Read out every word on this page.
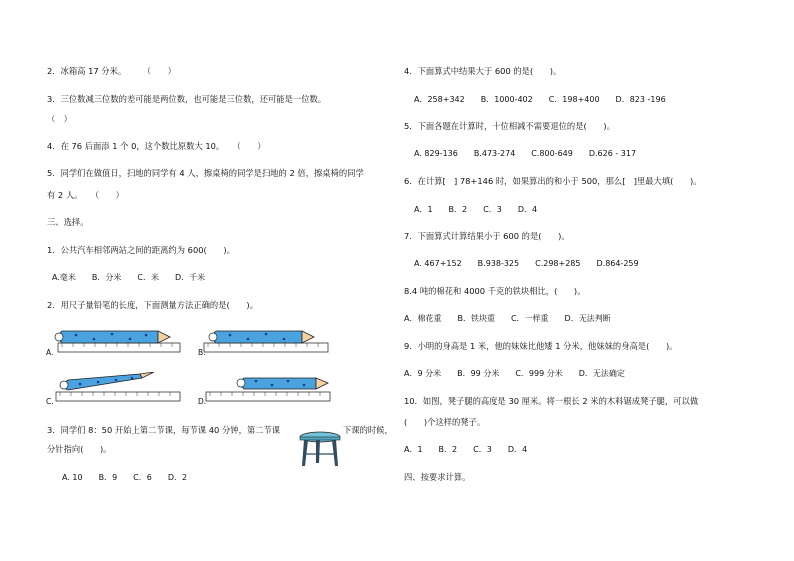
2．冰箱高 17 分米。　　　（　　）
3．三位数减三位数的差可能是两位数，也可能是三位数，还可能是一位数。
（　）
4．在 76 后面添 1 个 0，这个数比原数大 10。　　（　　）
5．同学们在做值日，扫地的同学有 4 人，擦桌椅的同学是扫地的 2 倍，擦桌椅的同学
有 2 人。　　（　　）
三、选择。
1．公共汽车相邻两站之间的距离约为 600(　　)。
A.毫米　　B．分米　　C．米　　D．千米
2．用尺子量铅笔的长度，下面测量方法正确的是(　　)。
A.	B.
C.	D.
3．同学们 8：50 开始上第二节课，每节课 40 分钟，第二节课	下课的时候，
分针指向(　　)。
A. 10　　B．9　　C．6　　D．2
4．下面算式中结果大于 600 的是(　　)。
A．258+342　　B．1000-402　　C．198+400　　D．823 -196
5．下面各题在计算时，十位相减不需要退位的是(　　)。
A. 829-136　　B.473-274　　C.800-649　　D.626 - 317
6．在计算[　] 78+146 时，如果算出的和小于 500，那么[　]里最大填(　　)。
A．1　　B．2　　C．3　　D．4
7．下面算式计算结果小于 600 的是(　　)。
A. 467+152　　B.938-325　　C.298+285　　D.864-259
8.4 吨的棉花和 4000 千克的铁块相比，(　　)。
A．棉花重　　B．铁块重　　C．一样重　　D．无法判断
9．小明的身高是 1 米，他的妹妹比他矮 1 分米，他妹妹的身高是(　　)。
A．9 分米　　B．99 分米　　C．999 分米　　D．无法确定
10．如图，凳子腿的高度是 30 厘米。将一根长 2 米的木料锯成凳子腿，可以做
(　　)个这样的凳子。
A．1　　B．2　　C．3　　D．4
四、按要求计算。
